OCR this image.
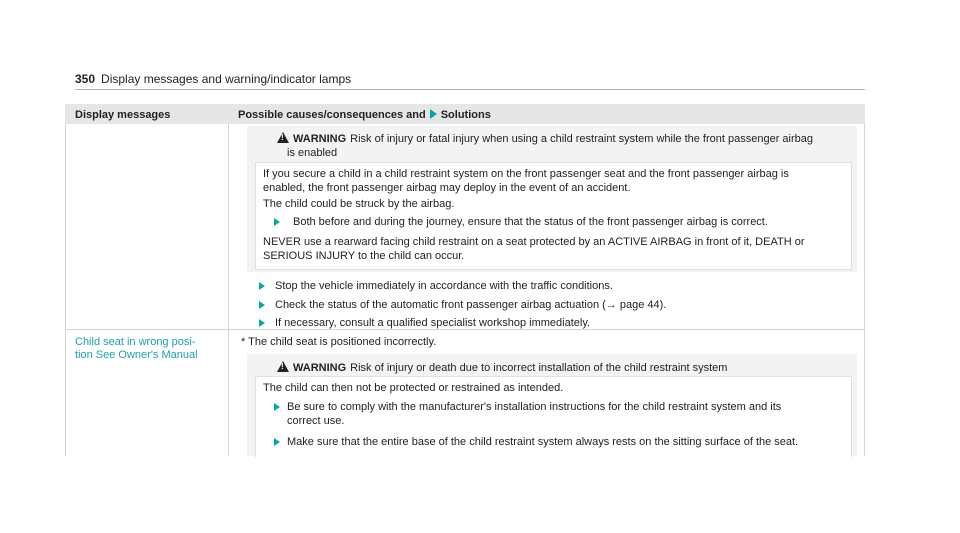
350 Display messages and warning/indicator lamps
Display messages	Possible causes/consequences and Solutions
!WARNING Risk of injury or fatal injury when using a child restraint system while the front passenger airbag
is enabled
If you secure a child in a child restraint system on the front passenger seat and the front passenger airbag is
enabled, the front passenger airbag may deploy in the event of an accident.
The child could be struck by the airbag.
Both before and during the journey, ensure that the status of the front passenger airbag is correct.
NEVER use a rearward facing child restraint on a seat protected by an ACTIVE AIRBAG in front of it, DEATH or
SERIOUS INJURY to the child can occur.
Stop the vehicle immediately in accordance with the traffic conditions.
Check the status of the automatic front passenger airbag actuation (→ page 44).
If necessary, consult a qualified specialist workshop immediately.
Child seat in wrong posi-
tion See Owner's Manual
* The child seat is positioned incorrectly.
!WARNING Risk of injury or death due to incorrect installation of the child restraint system
The child can then not be protected or restrained as intended.
Be sure to comply with the manufacturer's installation instructions for the child restraint system and its
correct use.
Make sure that the entire base of the child restraint system always rests on the sitting surface of the seat.
